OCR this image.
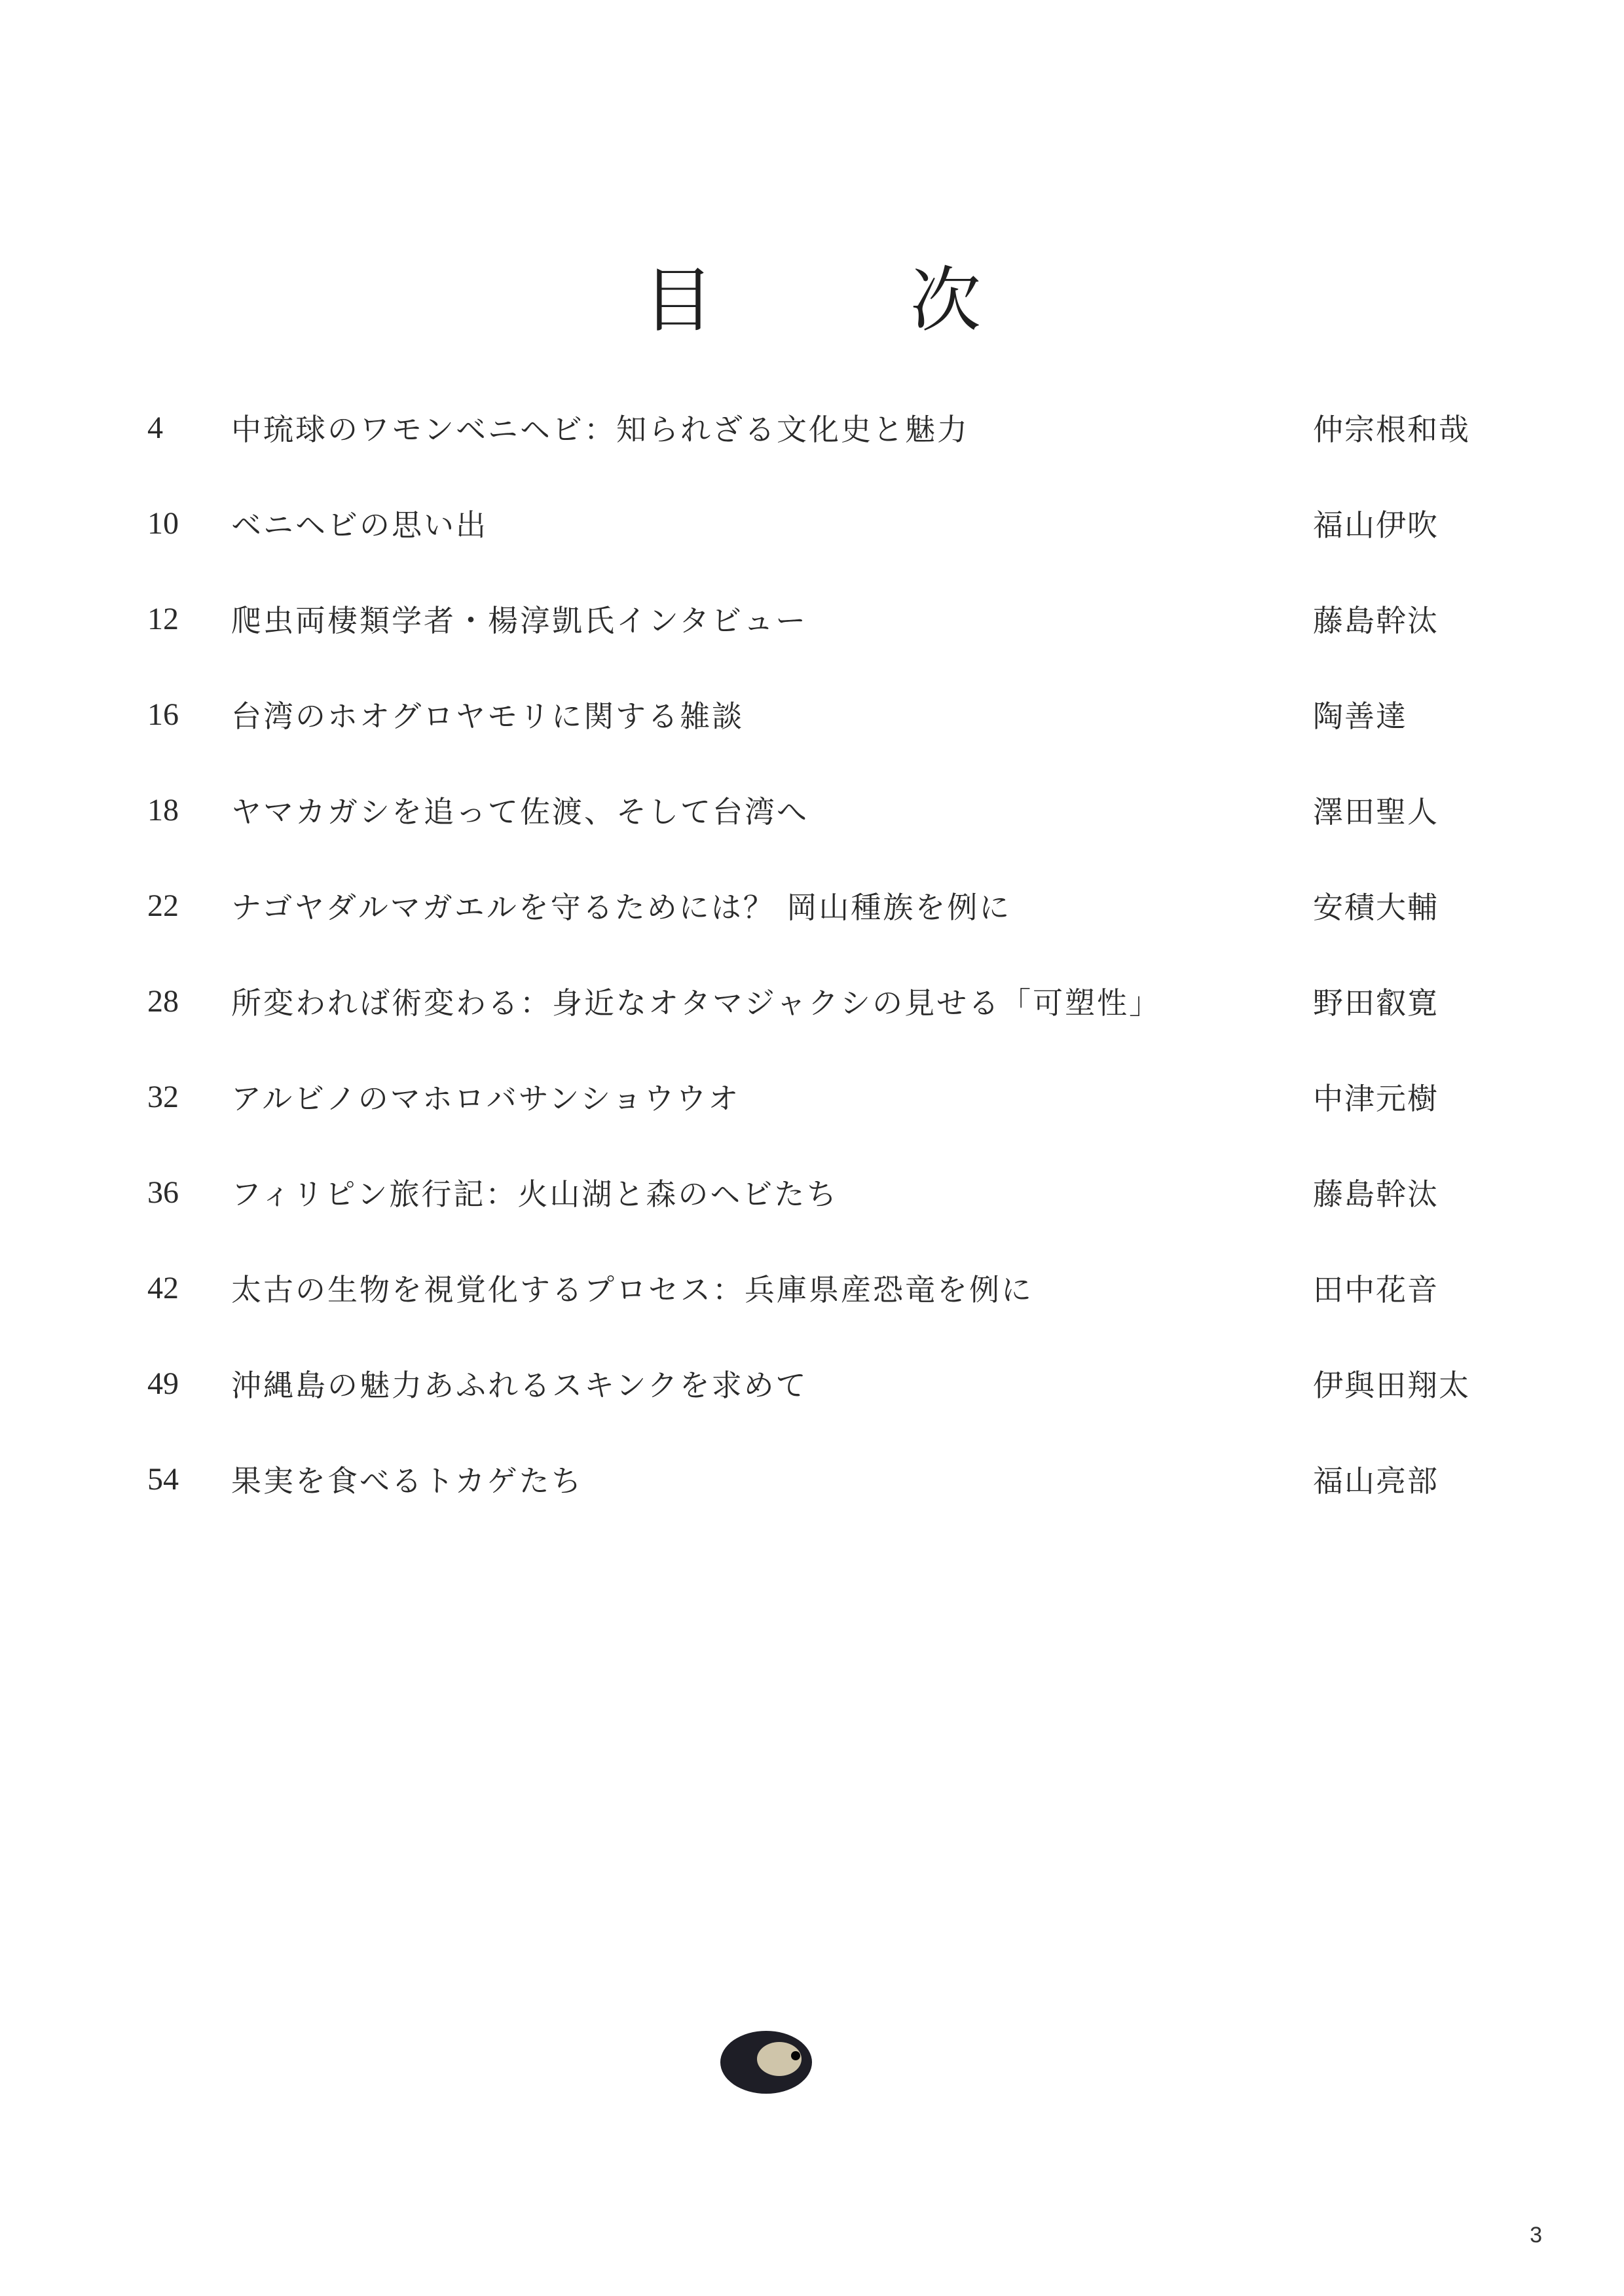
目　次
4	中琉球のワモンベニヘビ：知られざる文化史と魅力	仲宗根和哉
10	ベニヘビの思い出	福山伊吹
12	爬虫両棲類学者・楊淳凱氏インタビュー	藤島幹汰
16	台湾のホオグロヤモリに関する雑談	陶善達
18	ヤマカガシを追って佐渡、そして台湾へ	澤田聖人
22	ナゴヤダルマガエルを守るためには？ 岡山種族を例に	安積大輔
28	所変われば術変わる：身近なオタマジャクシの見せる「可塑性」	野田叡寛
32	アルビノのマホロバサンショウウオ	中津元樹
36	フィリピン旅行記：火山湖と森のヘビたち	藤島幹汰
42	太古の生物を視覚化するプロセス：兵庫県産恐竜を例に	田中花音
49	沖縄島の魅力あふれるスキンクを求めて	伊與田翔太
54	果実を食べるトカゲたち	福山亮部
3
